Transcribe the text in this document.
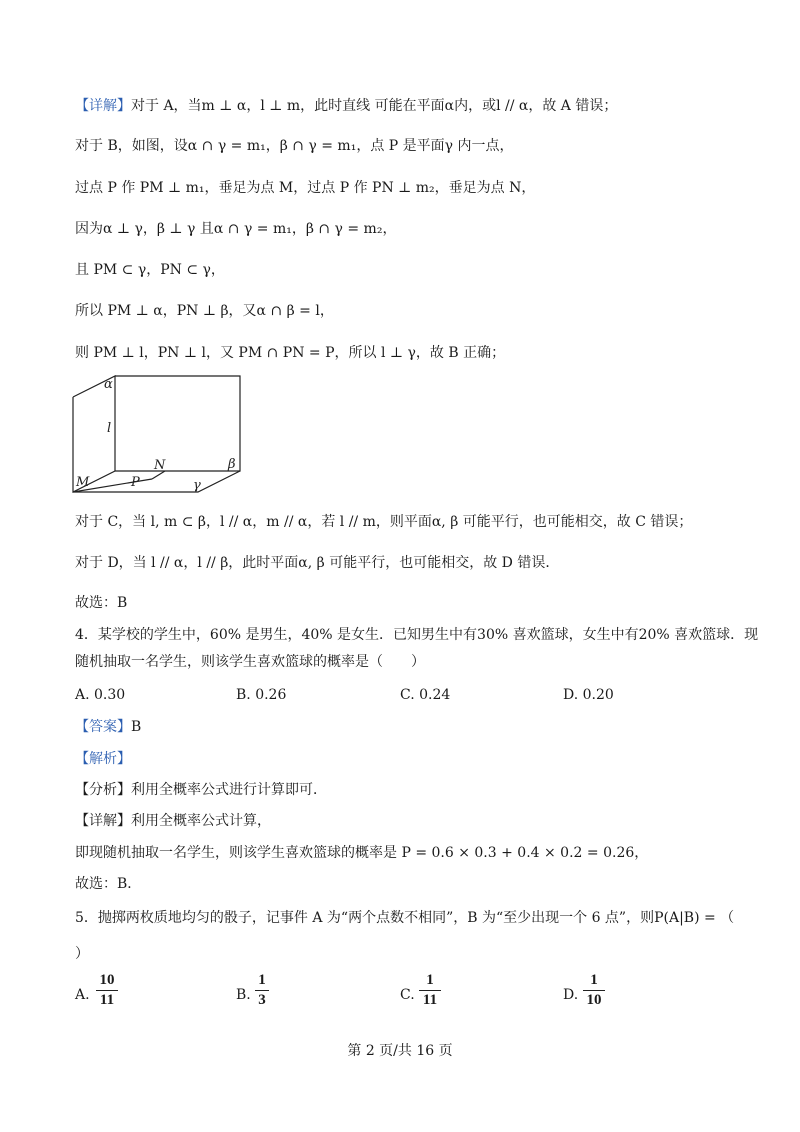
【详解】对于 A，当m ⊥ α，l ⊥ m，此时直线 可能在平面α内，或l // α，故 A 错误；
对于 B，如图，设α ∩ γ = m₁，β ∩ γ = m₁，点 P 是平面γ 内一点，
过点 P 作 PM ⊥ m₁，垂足为点 M，过点 P 作 PN ⊥ m₂，垂足为点 N，
因为α ⊥ γ，β ⊥ γ 且α ∩ γ = m₁，β ∩ γ = m₂，
且 PM ⊂ γ，PN ⊂ γ，
所以 PM ⊥ α，PN ⊥ β，又α ∩ β = l，
则 PM ⊥ l，PN ⊥ l，又 PM ∩ PN = P，所以 l ⊥ γ，故 B 正确；
α
l
N	β
M	P	γ
对于 C，当 l, m ⊂ β，l // α，m // α，若 l // m，则平面α, β 可能平行，也可能相交，故 C 错误；
对于 D，当 l // α，l // β，此时平面α, β 可能平行，也可能相交，故 D 错误．
故选：B
4．某学校的学生中，60% 是男生，40% 是女生．已知男生中有30% 喜欢篮球，女生中有20% 喜欢篮球．现
随机抽取一名学生，则该学生喜欢篮球的概率是（　　）
A. 0.30	B. 0.26	C. 0.24	D. 0.20
【答案】B
【解析】
【分析】利用全概率公式进行计算即可．
【详解】利用全概率公式计算，
即现随机抽取一名学生，则该学生喜欢篮球的概率是 P = 0.6 × 0.3 + 0.4 × 0.2 = 0.26，
故选：B．
5．抛掷两枚质地均匀的骰子，记事件 A 为“两个点数不相同”，B 为“至少出现一个 6 点”，则P(A|B) = （
）
A.
10
11	B.
1
3	C.
1
11	D.
1
10
第 2 页/共 16 页
